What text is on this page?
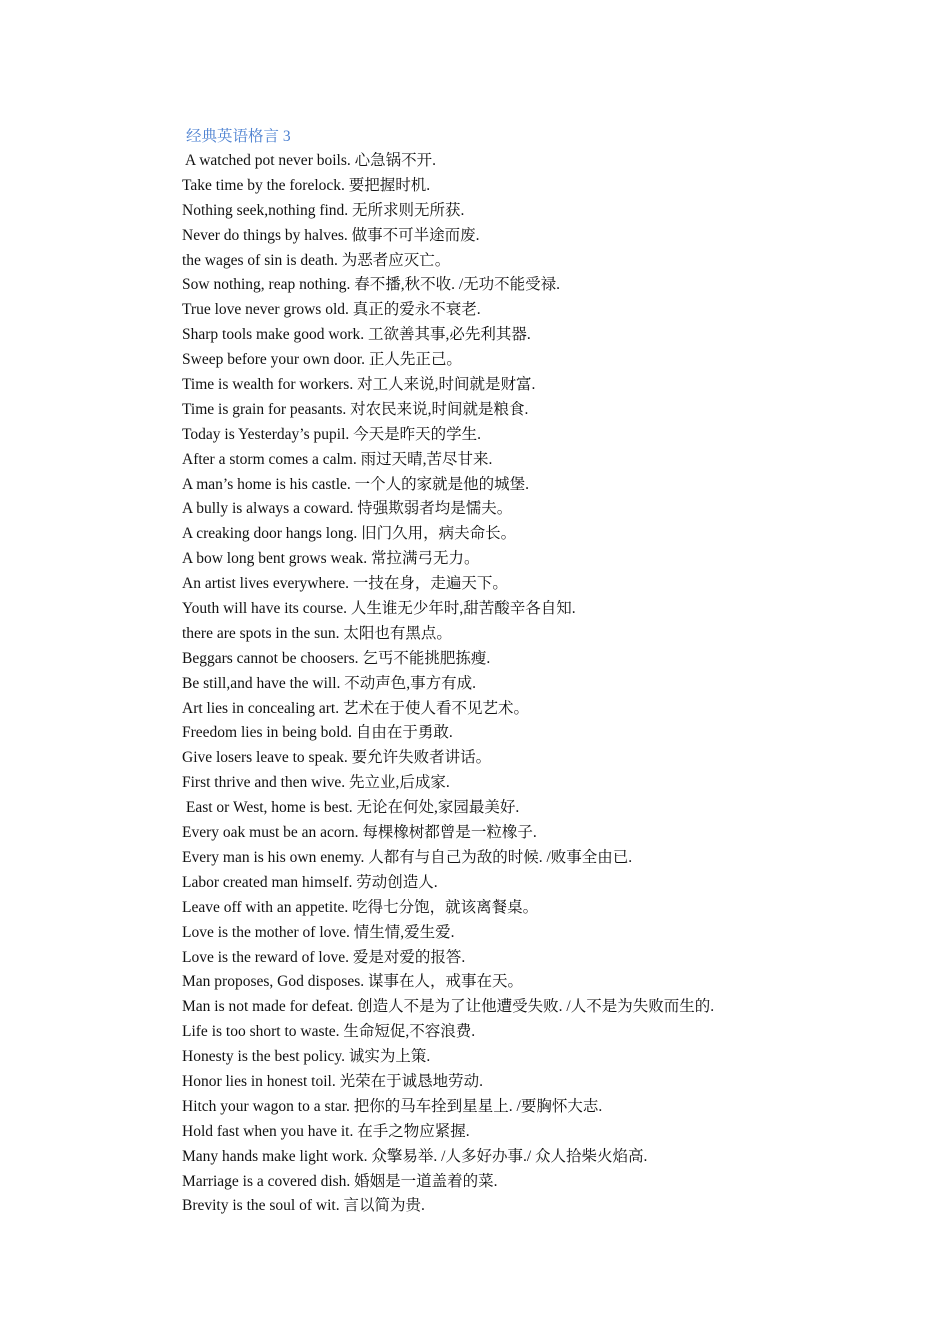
经典英语格言 3
A watched pot never boils. 心急锅不开.
Take time by the forelock. 要把握时机.
Nothing seek,nothing find. 无所求则无所获.
Never do things by halves. 做事不可半途而废.
the wages of sin is death. 为恶者应灭亡。
Sow nothing, reap nothing. 春不播,秋不收. /无功不能受禄.
True love never grows old. 真正的爱永不衰老.
Sharp tools make good work. 工欲善其事,必先利其器.
Sweep before your own door. 正人先正己。
Time is wealth for workers. 对工人来说,时间就是财富.
Time is grain for peasants. 对农民来说,时间就是粮食.
Today is Yesterday’s pupil. 今天是昨天的学生.
After a storm comes a calm. 雨过天晴,苦尽甘来.
A man’s home is his castle. 一个人的家就是他的城堡.
A bully is always a coward. 恃强欺弱者均是懦夫。
A creaking door hangs long. 旧门久用，病夫命长。
A bow long bent grows weak. 常拉满弓无力。
An artist lives everywhere. 一技在身，走遍天下。
Youth will have its course. 人生谁无少年时,甜苦酸辛各自知.
there are spots in the sun. 太阳也有黑点。
Beggars cannot be choosers. 乞丐不能挑肥拣瘦.
Be still,and have the will. 不动声色,事方有成.
Art lies in concealing art. 艺术在于使人看不见艺术。
Freedom lies in being bold. 自由在于勇敢.
Give losers leave to speak. 要允许失败者讲话。
First thrive and then wive. 先立业,后成家.
East or West, home is best. 无论在何处,家园最美好.
Every oak must be an acorn. 每棵橡树都曾是一粒橡子.
Every man is his own enemy. 人都有与自己为敌的时候. /败事全由已.
Labor created man himself. 劳动创造人.
Leave off with an appetite. 吃得七分饱，就该离餐桌。
Love is the mother of love. 情生情,爱生爱.
Love is the reward of love. 爱是对爱的报答.
Man proposes, God disposes. 谋事在人，戒事在天。
Man is not made for defeat. 创造人不是为了让他遭受失败. /人不是为失败而生的.
Life is too short to waste. 生命短促,不容浪费.
Honesty is the best policy. 诚实为上策.
Honor lies in honest toil. 光荣在于诚恳地劳动.
Hitch your wagon to a star. 把你的马车拴到星星上. /要胸怀大志.
Hold fast when you have it. 在手之物应紧握.
Many hands make light work. 众擎易举. /人多好办事./ 众人拾柴火焰高.
Marriage is a covered dish. 婚姻是一道盖着的菜.
Brevity is the soul of wit. 言以简为贵.
